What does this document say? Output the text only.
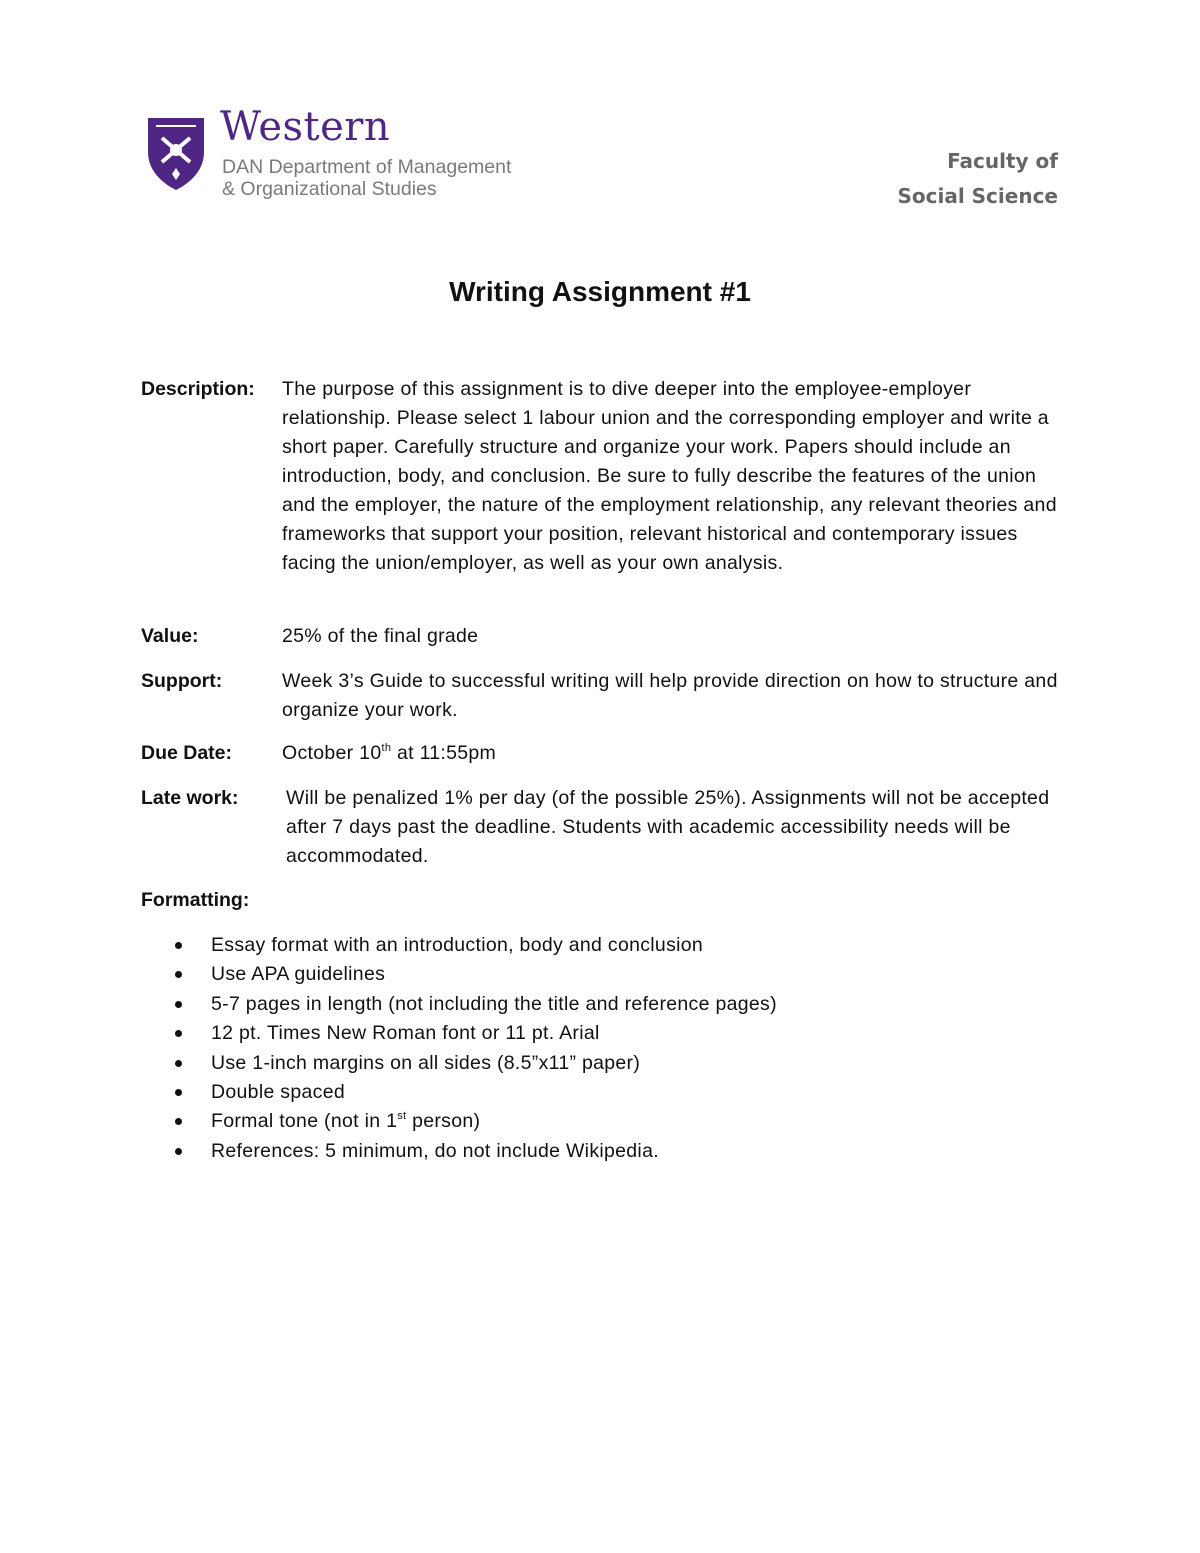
Western
DAN Department of Management
& Organizational Studies
Faculty of
Social Science
Writing Assignment #1
Description: The purpose of this assignment is to dive deeper into the employee-employer relationship. Please select 1 labour union and the corresponding employer and write a short paper. Carefully structure and organize your work. Papers should include an introduction, body, and conclusion. Be sure to fully describe the features of the union and the employer, the nature of the employment relationship, any relevant theories and frameworks that support your position, relevant historical and contemporary issues facing the union/employer, as well as your own analysis.
Value:	25% of the final grade
Support:	Week 3’s Guide to successful writing will help provide direction on how to structure and organize your work.
Due Date:	October 10th at 11:55pm
Late work: Will be penalized 1% per day (of the possible 25%). Assignments will not be accepted after 7 days past the deadline. Students with academic accessibility needs will be accommodated.
Formatting:
Essay format with an introduction, body and conclusion
Use APA guidelines
5-7 pages in length (not including the title and reference pages)
12 pt. Times New Roman font or 11 pt. Arial
Use 1-inch margins on all sides (8.5”x11” paper)
Double spaced
Formal tone (not in 1st person)
References: 5 minimum, do not include Wikipedia.
